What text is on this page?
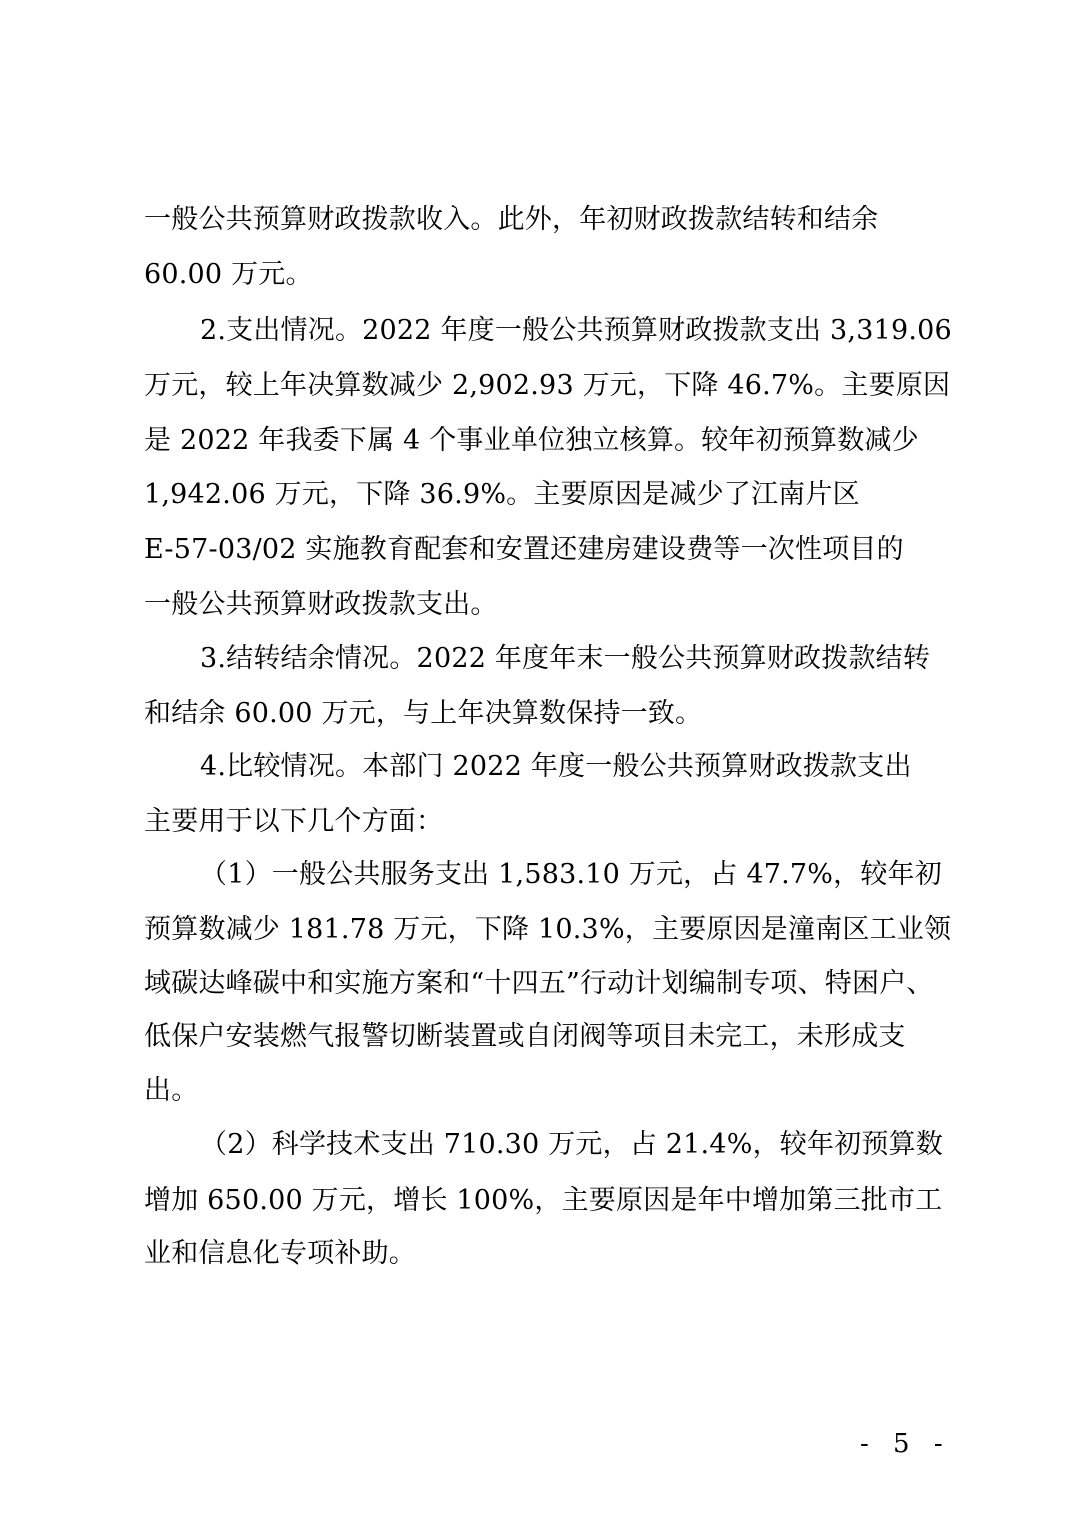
一般公共预算财政拨款收入。此外，年初财政拨款结转和结余
60.00 万元。
2.支出情况。2022 年度一般公共预算财政拨款支出 3,319.06
万元，较上年决算数减少 2,902.93 万元，下降 46.7%。主要原因
是 2022 年我委下属 4 个事业单位独立核算。较年初预算数减少
1,942.06 万元，下降 36.9%。主要原因是减少了江南片区
E-57-03/02 实施教育配套和安置还建房建设费等一次性项目的
一般公共预算财政拨款支出。
3.结转结余情况。2022 年度年末一般公共预算财政拨款结转
和结余 60.00 万元，与上年决算数保持一致。
4.比较情况。本部门 2022 年度一般公共预算财政拨款支出
主要用于以下几个方面：
（1）一般公共服务支出 1,583.10 万元，占 47.7%，较年初
预算数减少 181.78 万元，下降 10.3%，主要原因是潼南区工业领
域碳达峰碳中和实施方案和“十四五”行动计划编制专项、特困户、
低保户安装燃气报警切断装置或自闭阀等项目未完工，未形成支
出。
（2）科学技术支出 710.30 万元，占 21.4%，较年初预算数
增加 650.00 万元，增长 100%，主要原因是年中增加第三批市工
业和信息化专项补助。
- 5 -
